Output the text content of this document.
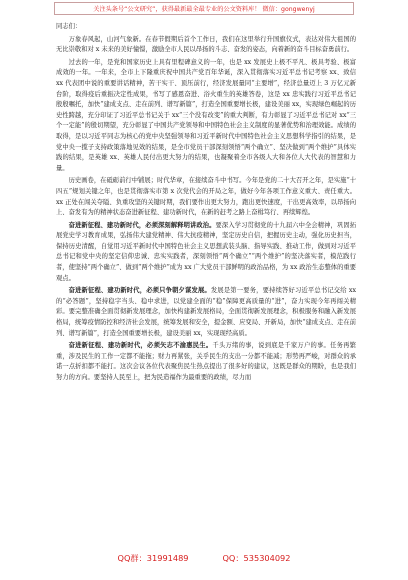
关注头条号“公文研究”，获得最新最全最专业的公文资料库！ 微信：gongwenyj

同志们：

万象春风起，山河气象新。在春节假期后首个工作日，我们在这里举行升国旗仪式，表达对伟大祖国的无比崇敬和对 x 未来的美好憧憬，激励全市人民以昂扬的斗志、奋发的姿态，向着新的奋斗目标奋勇前行。

过去的一年，是党和国家历史上具有里程碑意义的一年，也是 xx 发展史上极不平凡、极具考验、极富成效的一年。一年来，全市上下隆重庆祝中国共产党百年华诞，深入贯彻落实习近平总书记考察 xx、致信 xx 代表团中说的重要讲话精神，苦干实干、顶压前行，经济发展量同“主要增”，经济总量迈上 3 万亿元新台阶，取得疫后重振决定性成果，书写了感恩奋进、浴火重生的英雄答卷，这是 xx 忠实践行习近平总书记殷殷嘱托，加快“建成支点、走在前列、谱写新篇”，打造全国重要增长极，建设美丽 xx，实现绿色崛起的历史性跨越，充分印证了习近平总书记关于 xx“三个没有改变”的重大判断，有力彰显了习近平总书记对 xx“三个一定能”的殷切期望，充分彰显了中国共产党领导和中国特色社会主义制度的显著优势和治理效能。成绩的取得，是以习近平同志为核心的党中央坚强领导和习近平新时代中国特色社会主义思想科学指引的结果，是党中央一揽子支持政策落地见效的结果，是全市党员干部深刻领悟“两个确立”、坚决做到“两个维护”具体实践的结果，是英雄 xx、英雄人民付出更大努力的结果，也凝聚着全市各级人大和各位人大代表的智慧和力量。

历史画卷，在砥砺前行中铺展；时代华章，在接续奋斗中书写。今年是党的二十大召开之年，是实施“十四五”规划关键之年，也是贯彻落实市第 x 次党代会的开局之年，做好今年各项工作意义重大、责任重大。xx 正处在闯关夺隘、负重攻坚的关键时期，我们要作出更大努力，跑出更快速度，干出更高效率，以昂扬向上、奋发有为的精神状态奋进新征程、建功新时代，在新的赶考之路上奋楫笃行、再续辉煌。

奋进新征程、建功新时代，必须深刻解释明讲政治。要深入学习贯彻党的十九届六中全会精神，巩固拓展党史学习教育成果，弘扬伟大建党精神、伟大抗疫精神，坚定历史自信，把握历史主动，强化历史担当，保持历史清醒，自觉用习近平新时代中国特色社会主义思想武装头脑、指导实践、推动工作，做到对习近平总书记和党中央的坚定信仰忠诚、忠实实践者，深刻领悟“两个确立”“两个维护”的坚决落实者，模范践行者，使坚持“两个确立”、做到“两个维护”成为 xx 广大党员干部鲜明的政治品格，为 xx 政治生态整体的重要观点。

奋进新征程、建功新时代，必须只争朝夕谋发展。发展是第一要务，要持续答好习近平总书记交给 xx 的“必答题”，坚持稳字当头、稳中求进，以党建全面的“稳”保障更高质量的“进”，奋力实现今年再闯关精彩。要完整准确全面贯彻新发展理念，加快构建新发展格局，全面贯彻新发展理念，积极服务和融入新发展格局，统筹疫情防控和经济社会发展，统筹发展和安全，提金额、应变局、开新局，加快“建成支点、走在前列、谱写新篇”，打造全国重要增长极，建设美丽 xx，实现现经高质。

奋进新征程、建功新时代，必须矢志不渝惠民生。千头万绪的事，说到底是千家万户的事。任务再繁重，涉及民生的工作一定都不能拖；财力再紧张，关乎民生的支出一分都不能减；形势再严峻，对群众的承诺一点折扣都不能打。这次会议各位代表聚焦民生热点提出了很多好的建议，这既是群众的期盼，也是我们努力的方向。要坚持人民至上，把为民造福作为最重要的政绩，尽力而

QQ群：31991489	QQ：535304092
